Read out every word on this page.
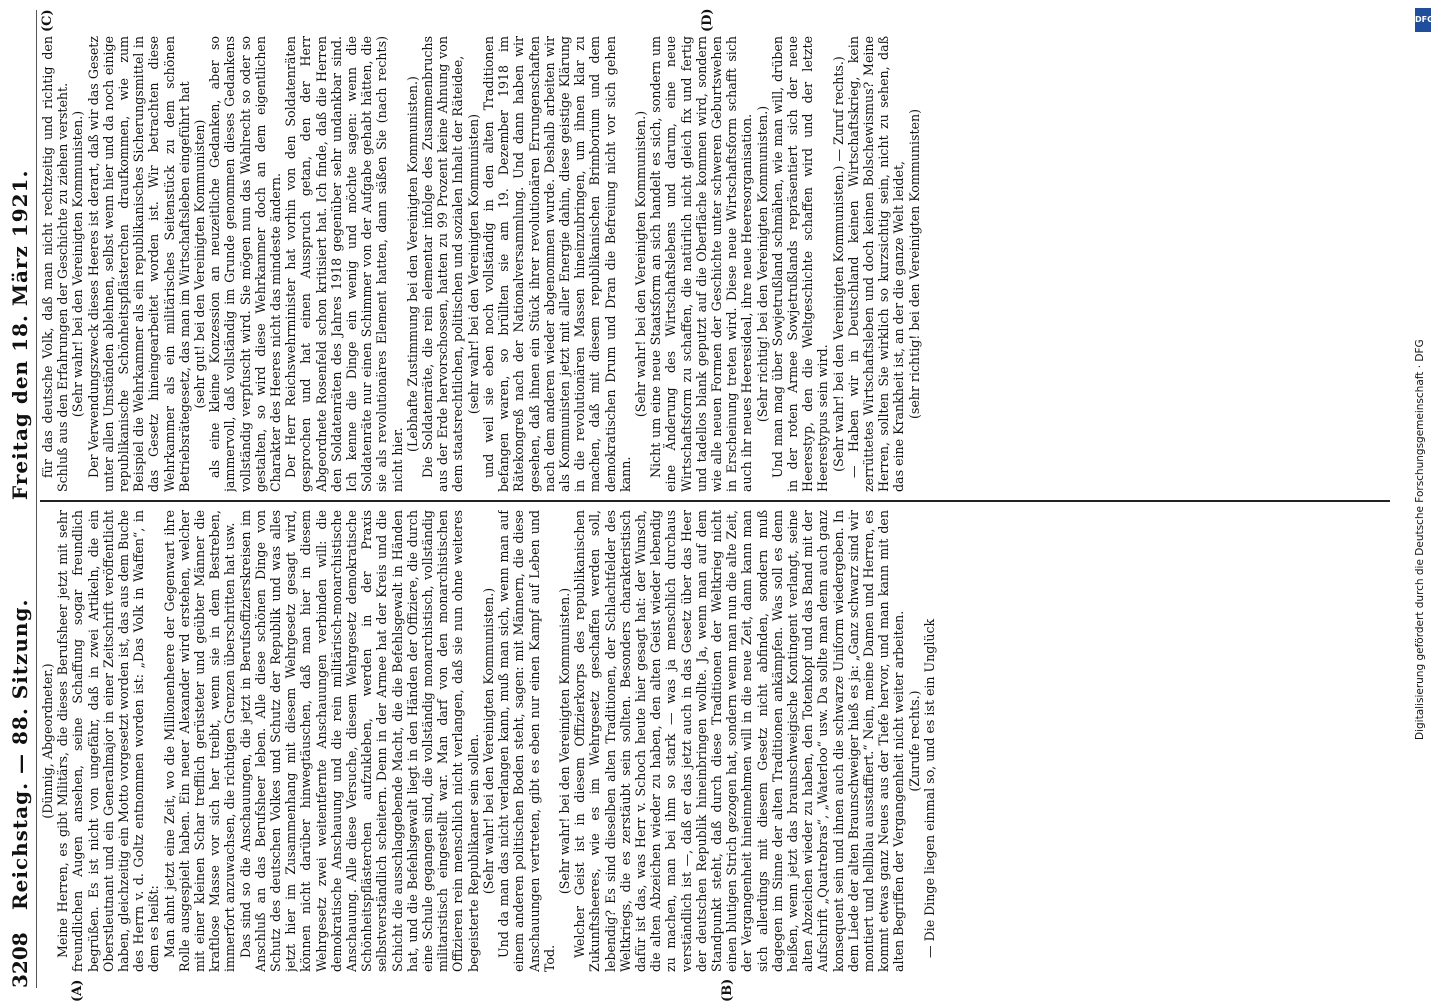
3208
Reichstag. — 88. Sitzung.
Freitag den 18. März 1921.
(A)	(B)
(C)	(D)

(Dünnig, Abgeordneter.) Meine Herren, es gibt Militärs, die dieses Berufsheer jetzt mit sehr freundlichen Augen ansehen, seine Schaffung sogar freundlich begrüßen. Es ist nicht von ungefähr, daß in zwei Artikeln, die ein Oberstleutnant und ein Generalmajor in einer Zeitschrift veröffentlicht haben, gleichzeitig ein Motto vorgesetzt worden ist, das aus dem Buche des Herrn v. d. Goltz entnommen worden ist: „Das Volk in Waffen“, in dem es heißt: Man ahnt jetzt eine Zeit, wo die Millionenheere der Gegenwart ihre Rolle ausgespielt haben. Ein neuer Alexander wird erstehen, welcher mit einer kleinen Schar trefflich gerüsteter und geübter Männer die kraftlose Masse vor sich her treibt, wenn sie in dem Bestreben, immerfort anzuwachsen, die richtigen Grenzen überschritten hat usw. Das sind so die Anschauungen, die jetzt in Berufsoffizierskreisen im Anschluß an das Berufsheer leben. Alle diese schönen Dinge von Schutz des deutschen Volkes und Schutz der Republik und was alles jetzt hier im Zusammenhang mit diesem Wehrgesetz gesagt wird, können nicht darüber hinwegtäuschen, daß man hier in diesem Wehrgesetz zwei weitentfernte Anschauungen verbinden will: die demokratische Anschauung und die rein militärisch-monarchistische Anschauung. Alle diese Versuche, diesem Wehrgesetz demokratische Schönheitspflästerchen aufzukleben, werden in der Praxis selbstverständlich scheitern. Denn in der Armee hat der Kreis und die Schicht die ausschlaggebende Macht, die die Befehlsgewalt in Händen hat, und die Befehlsgewalt liegt in den Händen der Offiziere, die durch eine Schule gegangen sind, die vollständig monarchistisch, vollständig militaristisch eingestellt war. Man darf von den monarchistischen Offizieren rein menschlich nicht verlangen, daß sie nun ohne weiteres begeisterte Republikaner sein sollen. (Sehr wahr! bei den Vereinigten Kommunisten.) Und da man das nicht verlangen kann, muß man sich, wenn man auf einem anderen politischen Boden steht, sagen: mit Männern, die diese Anschauungen vertreten, gibt es eben nur einen Kampf auf Leben und Tod.

(Sehr wahr! bei den Vereinigten Kommunisten.) Welcher Geist ist in diesem Offizierkorps des republikanischen Zukunftsheeres, wie es im Wehrgesetz geschaffen werden soll, lebendig? Es sind dieselben alten Traditionen, der Schlachtfelder des Weltkriegs, die es zerstäubt sein sollten. Besonders charakteristisch dafür ist das, was Herr v. Schoch heute hier gesagt hat: der Wunsch, die alten Abzeichen wieder zu haben, den alten Geist wieder lebendig zu machen, man bei ihm so stark — was ja menschlich durchaus verständlich ist —, daß er das jetzt auch in das Gesetz über das Heer der deutschen Republik hineinbringen wollte. Ja, wenn man auf dem Standpunkt steht, daß durch diese Traditionen der Weltkrieg nicht einen blutigen Strich gezogen hat, sondern wenn man nun die alte Zeit, der Vergangenheit hineinnehmen will in die neue Zeit, dann kann man sich allerdings mit diesem Gesetz nicht abfinden, sondern muß dagegen im Sinne der alten Traditionen ankämpfen. Was soll es denn heißen, wenn jetzt das braunschweigische Kontingent verlangt, seine alten Abzeichen wieder zu haben, den Totenkopf und das Band mit der Aufschrift „Quatrebras“, „Waterloo“ usw. Da sollte man denn auch ganz konsequent sein und ihnen auch die schwarze Uniform wiedergeben. In dem Liede der alten Braunschweiger hieß es ja: „Ganz schwarz sind wir montiert und hellblau ausstaffiert.“ Nein, meine Damen und Herren, es kommt etwas ganz Neues aus der Tiefe hervor, und man kann mit den alten Begriffen der Vergangenheit nicht weiter arbeiten. (Zurufe rechts.) — Die Dinge liegen einmal so, und es ist ein Unglück

für das deutsche Volk, daß man nicht rechtzeitig und richtig den Schluß aus den Erfahrungen der Geschichte zu ziehen versteht. (Sehr wahr! bei den Vereinigten Kommunisten.) Der Verwendungszweck dieses Heeres ist derart, daß wir das Gesetz unter allen Umständen ablehnen, selbst wenn hier und da noch einige republikanische Schönheitspflästerchen draufkommen, wie zum Beispiel die Wehrkammer als ein republikanisches Sicherungsmittel in das Gesetz hineingearbeitet worden ist. Wir betrachten diese Wehrkammer als ein militärisches Seitenstück zu dem schönen Betriebsrätegesetz, das man im Wirtschaftsleben eingeführt hat (sehr gut! bei den Vereinigten Kommunisten) als eine kleine Konzession an neuzeitliche Gedanken, aber so jammervoll, daß vollständig im Grunde genommen dieses Gedankens vollständig verpfuscht wird. Sie mögen nun das Wahlrecht so oder so gestalten, so wird diese Wehrkammer doch an dem eigentlichen Charakter des Heeres nicht das mindeste ändern. Der Herr Reichswehrminister hat vorhin von den Soldatenräten gesprochen und hat einen Ausspruch getan, den der Herr Abgeordnete Rosenfeld schon kritisiert hat. Ich finde, daß die Herren den Soldatenräten des Jahres 1918 gegenüber sehr undankbar sind. Ich kenne die Dinge ein wenig und möchte sagen: wenn die Soldatenräte nur einen Schimmer von der Aufgabe gehabt hätten, die sie als revolutionäres Element hatten, dann säßen Sie (nach rechts) nicht hier.

(Lebhafte Zustimmung bei den Vereinigten Kommunisten.) Die Soldatenräte, die rein elementar infolge des Zusammenbruchs aus der Erde hervorschossen, hatten zu 99 Prozent keine Ahnung von dem staatsrechtlichen, politischen und sozialen Inhalt der Räteidee, (sehr wahr! bei den Vereinigten Kommunisten) und weil sie eben noch vollständig in den alten Traditionen befangen waren, so brüllten sie am 19. Dezember 1918 im Rätekongreß nach der Nationalversammlung. Und dann haben wir gesehen, daß ihnen ein Stück ihrer revolutionären Errungenschaften nach dem anderen wieder abgenommen wurde. Deshalb arbeiten wir als Kommunisten jetzt mit aller Energie dahin, diese geistige Klärung in die revolutionären Massen hineinzubringen, um ihnen klar zu machen, daß mit diesem republikanischen Brimborium und dem demokratischen Drum und Dran die Befreiung nicht vor sich gehen kann.

(Sehr wahr! bei den Vereinigten Kommunisten.) Nicht um eine neue Staatsform an sich handelt es sich, sondern um eine Änderung des Wirtschaftslebens und darum, eine neue Wirtschaftsform zu schaffen, die natürlich nicht gleich fix und fertig und tadellos blank geputzt auf die Oberfläche kommen wird, sondern wie alle neuen Formen der Geschichte unter schweren Geburtswehen in Erscheinung treten wird. Diese neue Wirtschaftsform schafft sich auch ihr neues Heeresideal, ihre neue Heeresorganisation. (Sehr richtig! bei den Vereinigten Kommunisten.) Und man mag über Sowjetrußland schmähen, wie man will, drüben in der roten Armee Sowjetrußlands repräsentiert sich der neue Heerestyp, den die Weltgeschichte schaffen wird und der letzte Heerestypus sein wird. (Sehr wahr! bei den Vereinigten Kommunisten.) — Zuruf rechts.) — Haben wir in Deutschland keinen Wirtschaftskrieg, kein zerrüttetes Wirtschaftsleben und doch keinen Bolschewismus? Meine Herren, sollten Sie wirklich so kurzsichtig sein, nicht zu sehen, daß das eine Krankheit ist, an der die ganze Welt leidet, (sehr richtig! bei den Vereinigten Kommunisten)

Digitalisierung gefördert durch die Deutsche Forschungsgemeinschaft · DFG
DFG
